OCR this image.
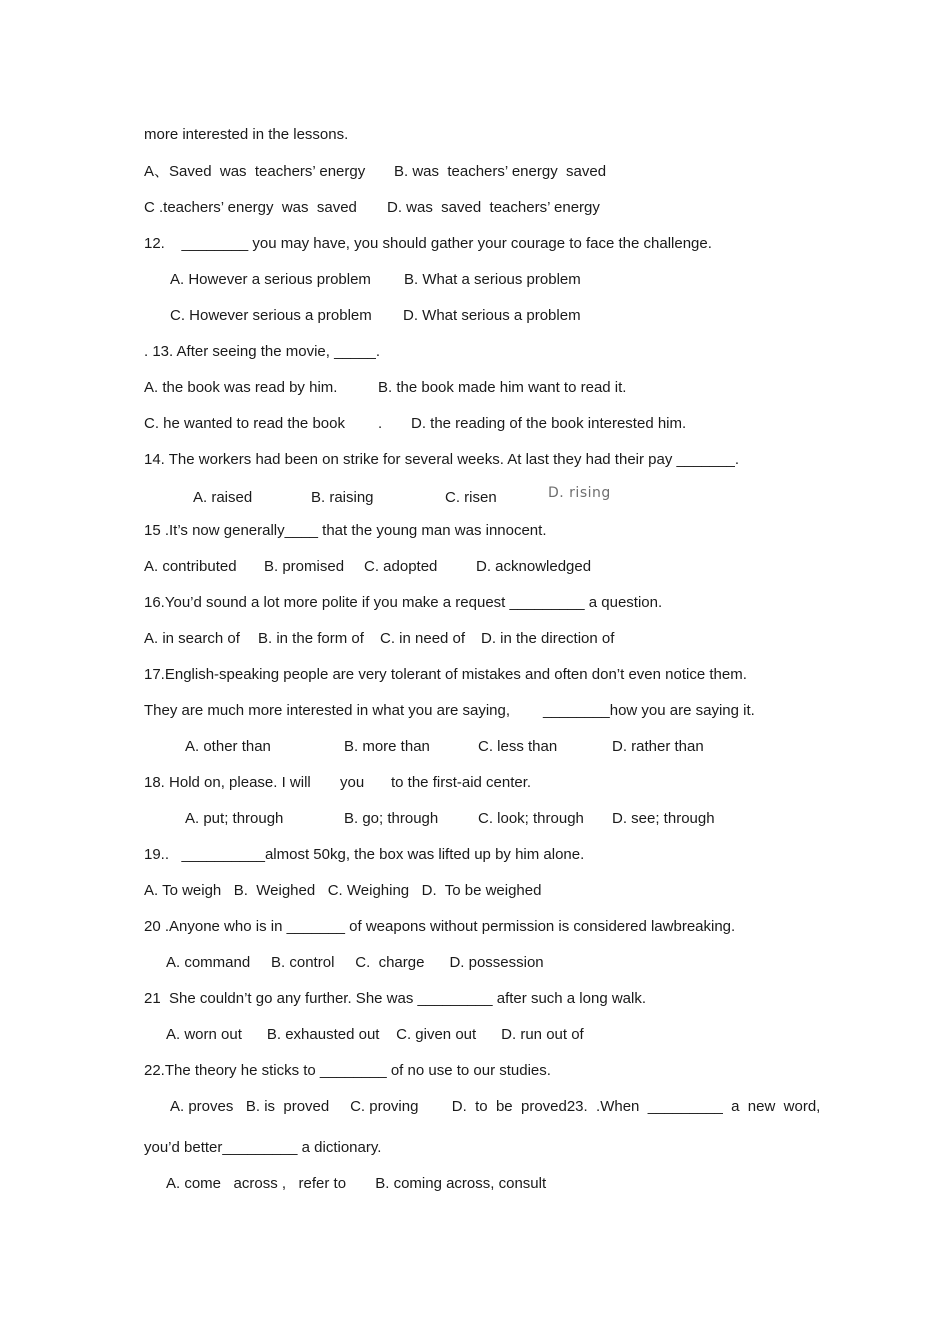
more interested in the lessons.
A、Saved  was  teachers’ energy B. was  teachers’ energy  saved
C .teachers’ energy  was  saved D. was  saved  teachers’ energy
12.    ________ you may have, you should gather your courage to face the challenge.
A. However a serious problem B. What a serious problem
C. However serious a problem D. What serious a problem
. 13. After seeing the movie, _____.
A. the book was read by him.	B. the book made him want to read it.
C. he wanted to read the book . D. the reading of the book interested him.
14. The workers had been on strike for several weeks. At last they had their pay _______.
A. raised	B. raising	C. risen	D. rising
15 .It’s now generally____ that the young man was innocent.
A. contributed B. promised C. adopted	D. acknowledged
16.You’d sound a lot more polite if you make a request _________ a question.
A. in search of B. in the form of C. in need of D. in the direction of
17.English-speaking people are very tolerant of mistakes and often don’t even notice them.
They are much more interested in what you are saying, ________how you are saying it.
A. other than	B. more than	C. less than	D. rather than
18. Hold on, please. I will you to the first-aid center.
A. put; through	B. go; through	C. look; through D. see; through
19..   __________almost 50kg, the box was lifted up by him alone.
A. To weigh   B.  Weighed   C. Weighing   D.  To be weighed
20 .Anyone who is in _______ of weapons without permission is considered lawbreaking.
A. command     B. control     C.  charge      D. possession
21  She couldn’t go any further. She was _________ after such a long walk.
A. worn out      B. exhausted out    C. given out      D. run out of
22.The theory he sticks to ________ of no use to our studies.
A. proves   B. is  proved     C. proving        D.  to  be  proved23.  .When  _________  a  new  word,
you’d better_________ a dictionary.
A. come   across ,   refer to       B. coming across, consult
